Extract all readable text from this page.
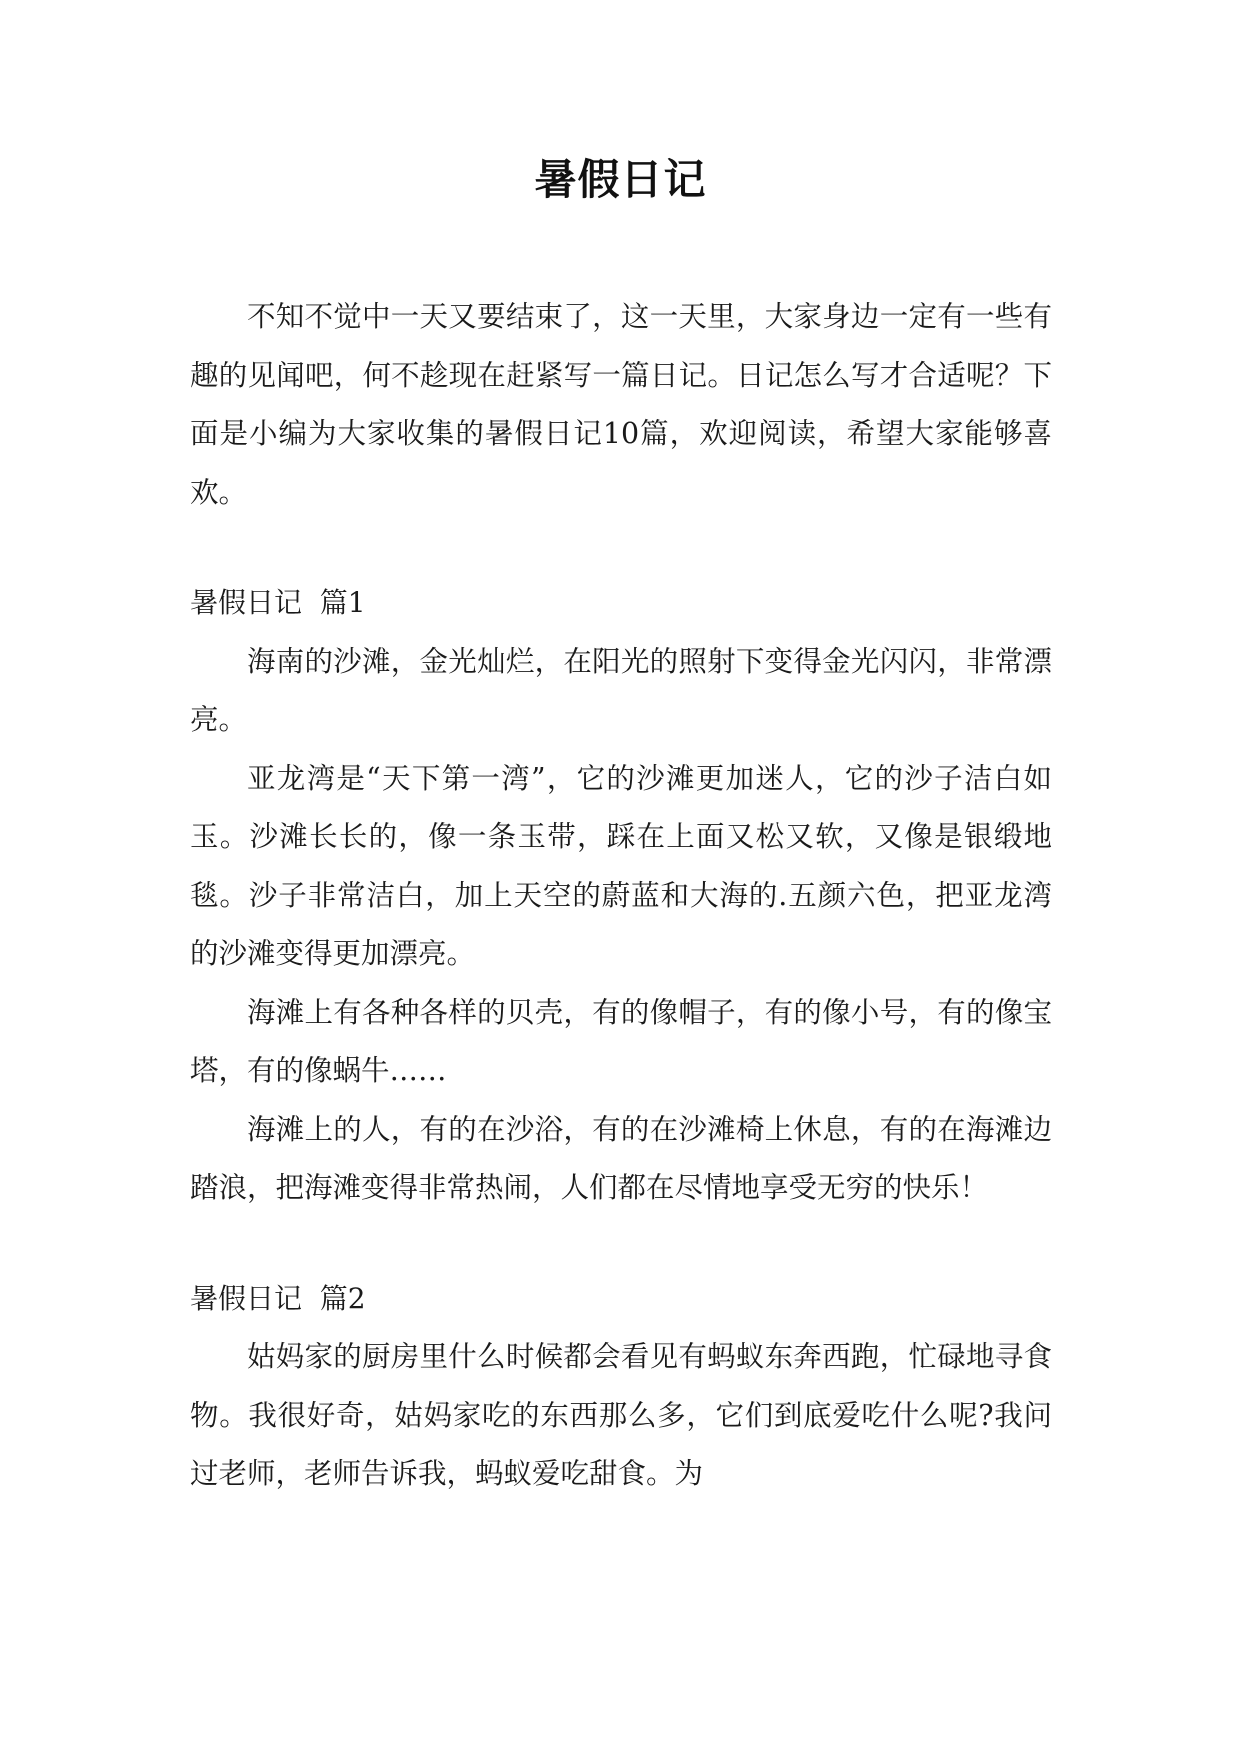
暑假日记

不知不觉中一天又要结束了，这一天里，大家身边一定有一些有趣的见闻吧，何不趁现在赶紧写一篇日记。日记怎么写才合适呢？下面是小编为大家收集的暑假日记10篇，欢迎阅读，希望大家能够喜欢。

暑假日记  篇1

海南的沙滩，金光灿烂，在阳光的照射下变得金光闪闪，非常漂亮。

亚龙湾是“天下第一湾”，它的沙滩更加迷人，它的沙子洁白如玉。沙滩长长的，像一条玉带，踩在上面又松又软，又像是银缎地毯。沙子非常洁白，加上天空的蔚蓝和大海的.五颜六色，把亚龙湾的沙滩变得更加漂亮。

海滩上有各种各样的贝壳，有的像帽子，有的像小号，有的像宝塔，有的像蜗牛……

海滩上的人，有的在沙浴，有的在沙滩椅上休息，有的在海滩边踏浪，把海滩变得非常热闹，人们都在尽情地享受无穷的快乐！

暑假日记  篇2

姑妈家的厨房里什么时候都会看见有蚂蚁东奔西跑，忙碌地寻食物。我很好奇，姑妈家吃的东西那么多，它们到底爱吃什么呢?我问过老师，老师告诉我，蚂蚁爱吃甜食。为
